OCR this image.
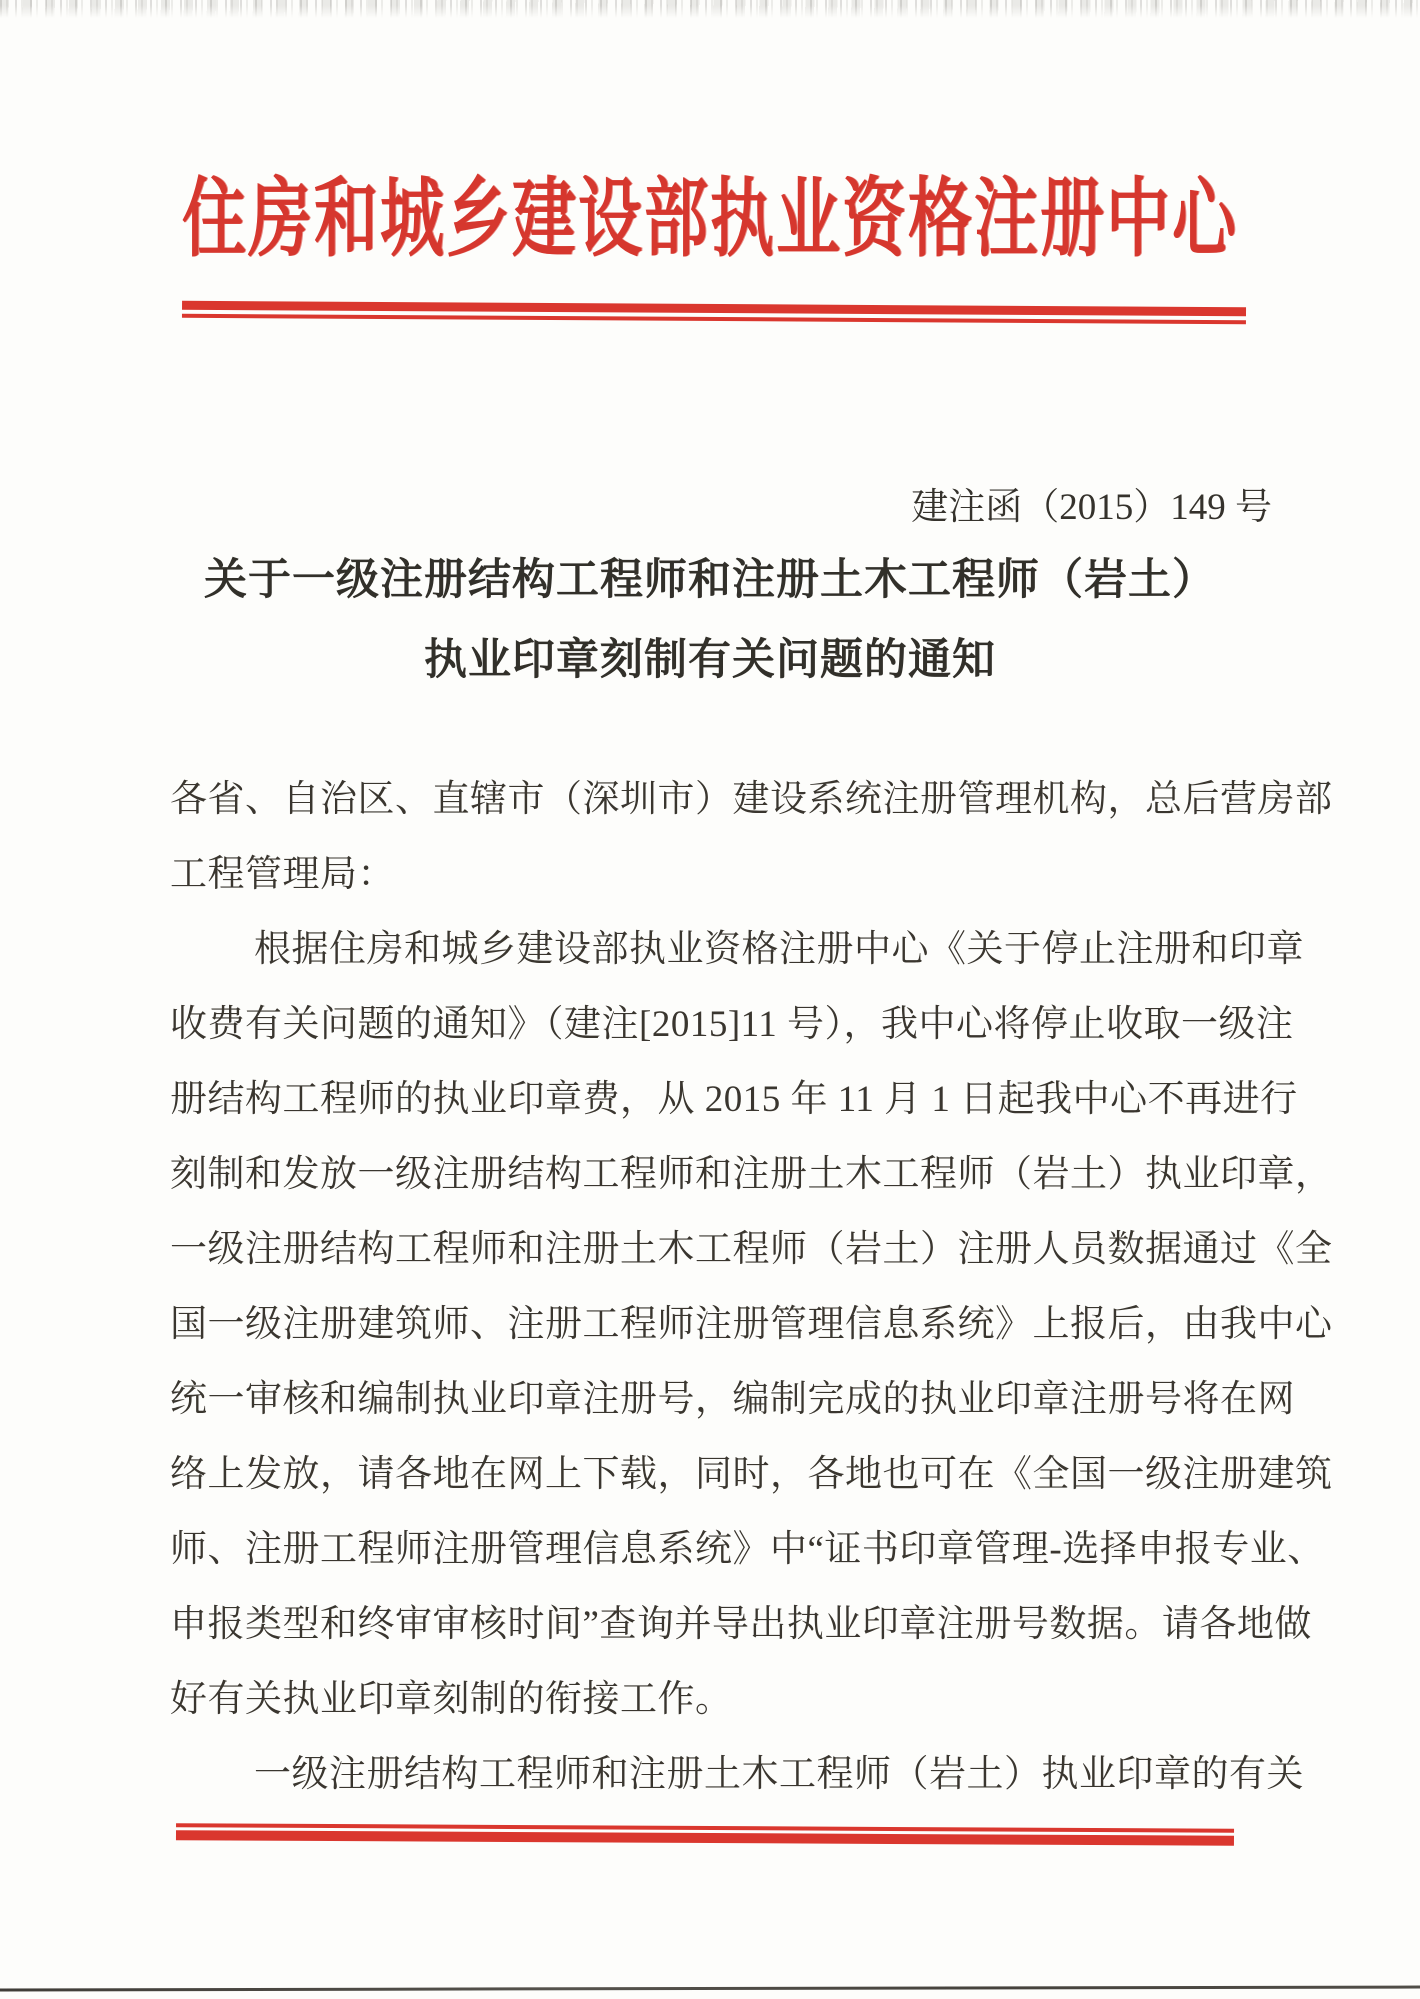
住房和城乡建设部执业资格注册中心
建注函（2015）149 号
关于一级注册结构工程师和注册土木工程师（岩土）
执业印章刻制有关问题的通知
各省、自治区、直辖市（深圳市）建设系统注册管理机构，总后营房部
工程管理局：
根据住房和城乡建设部执业资格注册中心《关于停止注册和印章
收费有关问题的通知》（建注[2015]11 号），我中心将停止收取一级注
册结构工程师的执业印章费，从 2015 年 11 月 1 日起我中心不再进行
刻制和发放一级注册结构工程师和注册土木工程师（岩土）执业印章，
一级注册结构工程师和注册土木工程师（岩土）注册人员数据通过《全
国一级注册建筑师、注册工程师注册管理信息系统》上报后，由我中心
统一审核和编制执业印章注册号，编制完成的执业印章注册号将在网
络上发放，请各地在网上下载，同时，各地也可在《全国一级注册建筑
师、注册工程师注册管理信息系统》中“证书印章管理-选择申报专业、
申报类型和终审审核时间”查询并导出执业印章注册号数据。请各地做
好有关执业印章刻制的衔接工作。
一级注册结构工程师和注册土木工程师（岩土）执业印章的有关
